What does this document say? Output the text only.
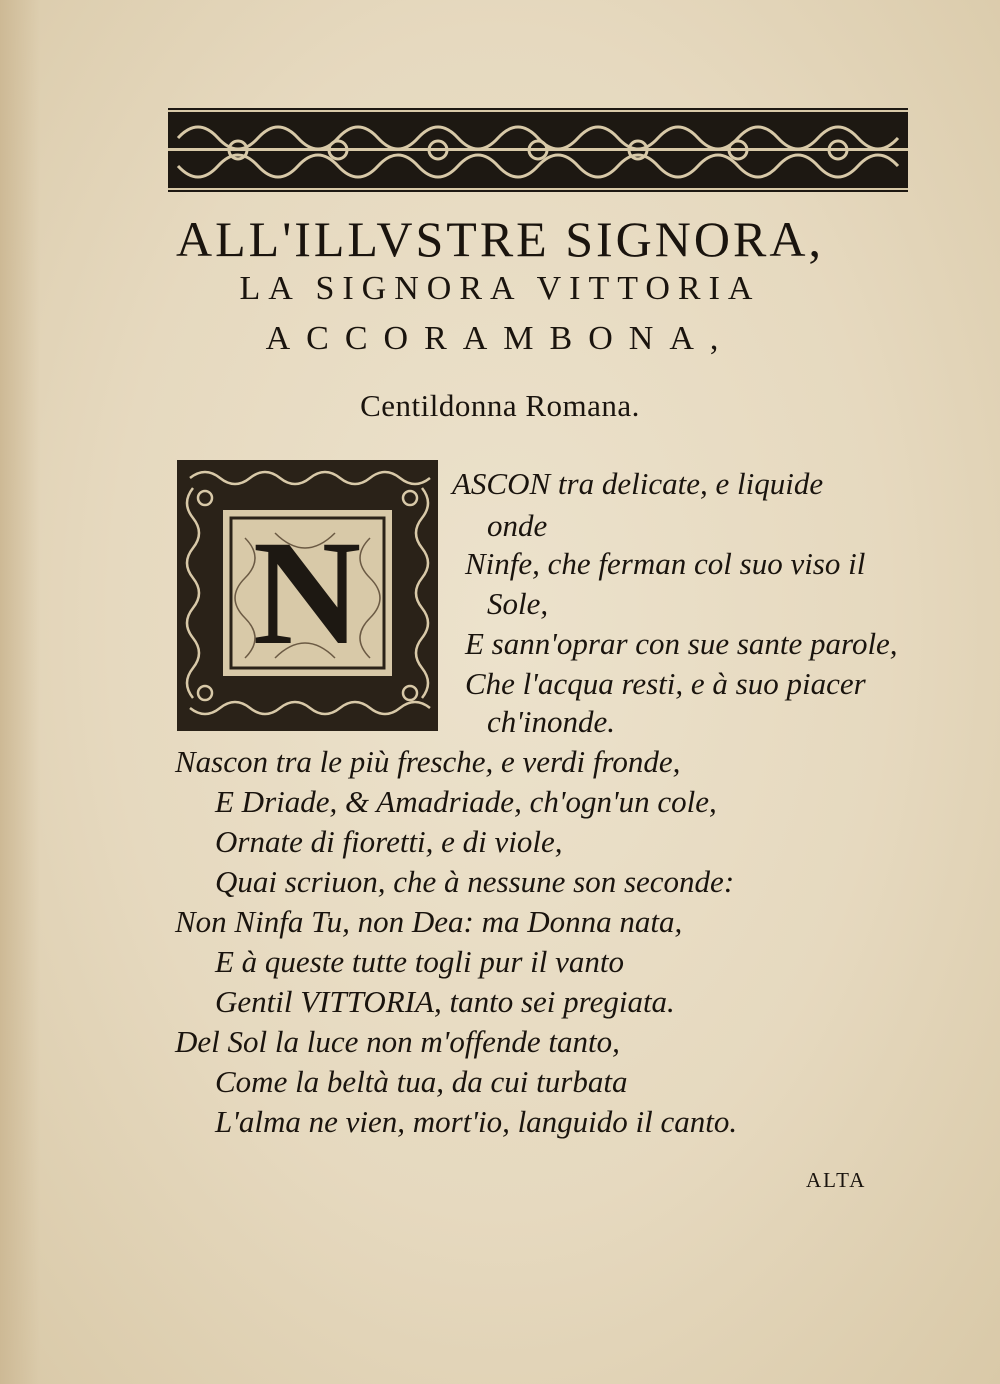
ALL'ILLVSTRE SIGNORA,
LA SIGNORA VITTORIA
ACCORAMBONA,
Centildonna Romana.
N
ASCON tra delicate, e liquide
onde
Ninfe, che ferman col suo viso il
Sole,
E sann'oprar con sue sante parole,
Che l'acqua resti, e à suo piacer
ch'inonde.
Nascon tra le più fresche, e verdi fronde,
E Driade, & Amadriade, ch'ogn'un cole,
Ornate di fioretti, e di viole,
Quai scriuon, che à nessune son seconde:
Non Ninfa Tu, non Dea: ma Donna nata,
E à queste tutte togli pur il vanto
Gentil VITTORIA, tanto sei pregiata.
Del Sol la luce non m'offende tanto,
Come la beltà tua, da cui turbata
L'alma ne vien, mort'io, languido il canto.
ALTA
